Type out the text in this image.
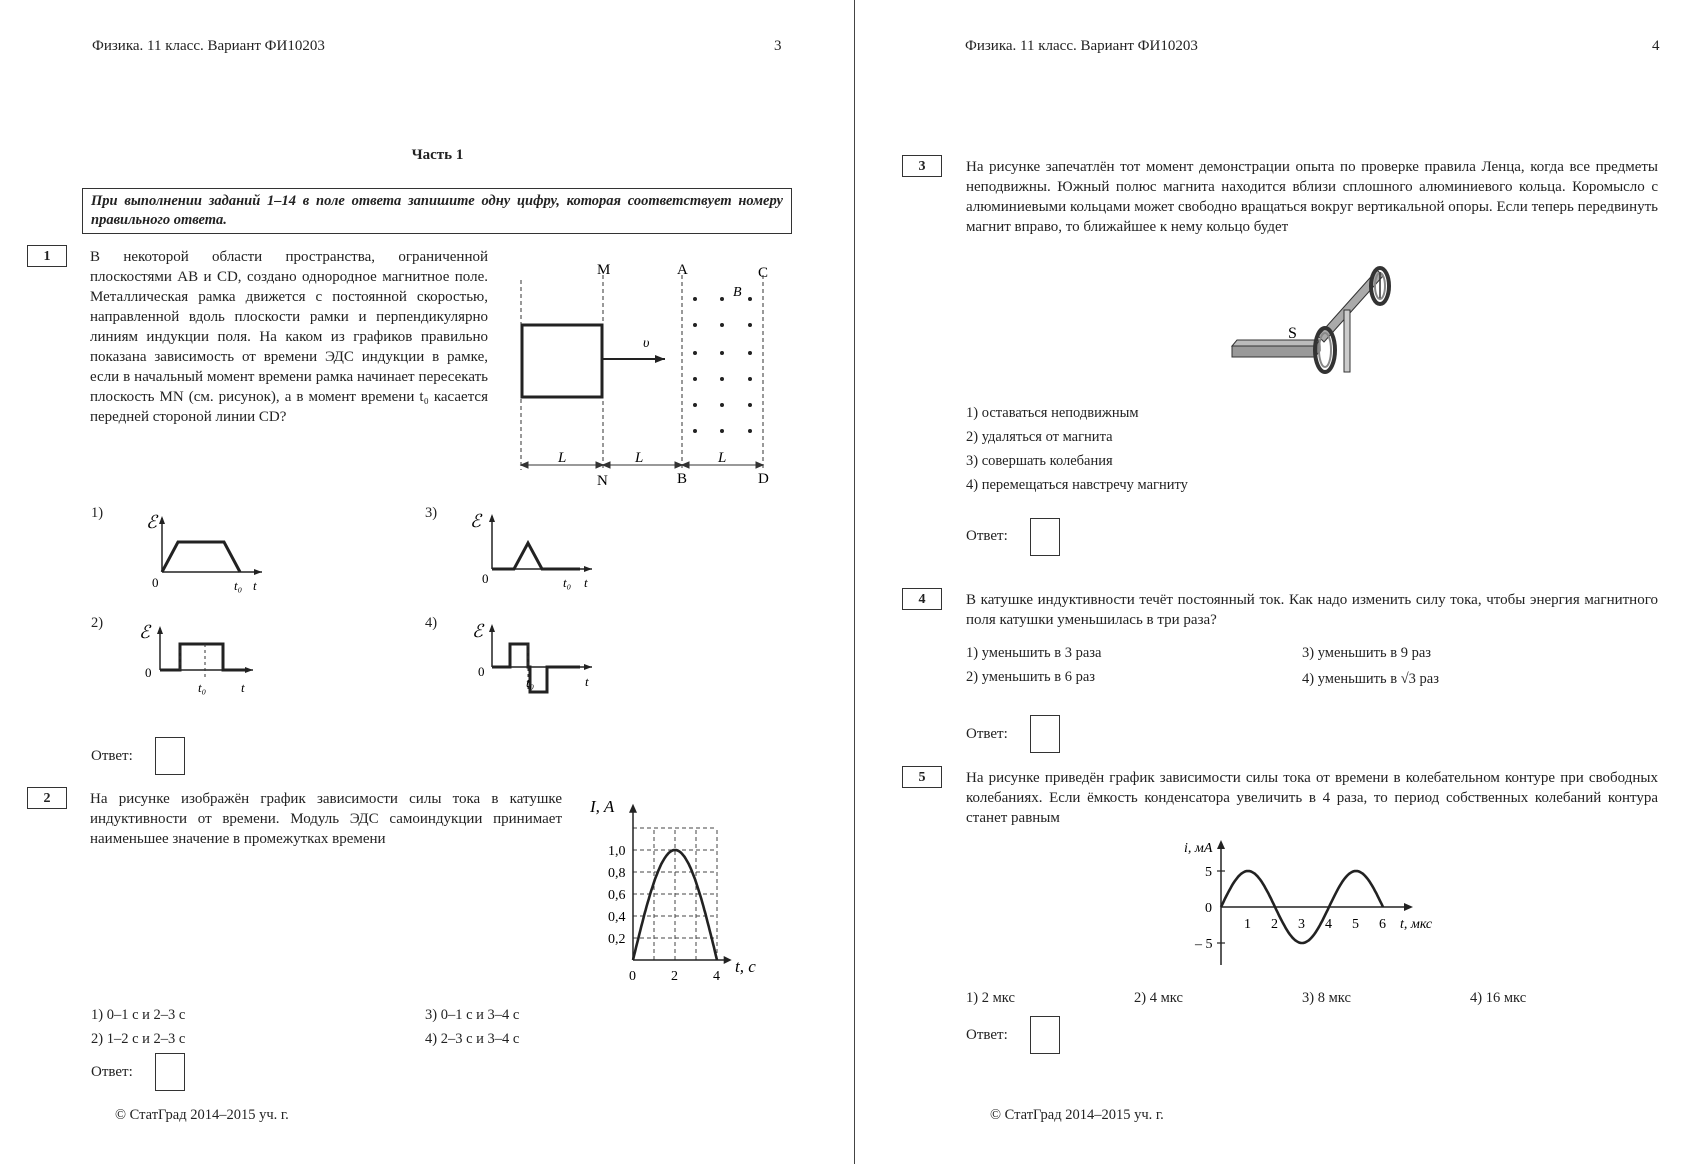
Физика. 11 класс. Вариант ФИ10203	3
Часть 1
При выполнении заданий 1–14 в поле ответа запишите одну цифру, которая соответствует номеру правильного ответа.
1	В некоторой области пространства, ограниченной плоскостями AB и CD, создано однородное магнитное поле. Металлическая рамка движется с постоянной скоростью, направленной вдоль плоскости рамки и перпендикулярно линиям индукции поля. На каком из графиков правильно показана зависимость от времени ЭДС индукции в рамке, если в начальный момент времени рамка начинает пересекать плоскость MN (см. рисунок), а в момент времени t₀ касается передней стороной линии CD?
M	A	C
B
υ
L	L	L
N	B	D
1)
2)
3)
4)
ℰ
0	t₀ t
ℰ
0	t₀ t
ℰ
0
t₀	t
ℰ
0
t₀	t
Ответ:
2	На рисунке изображён график зависимости силы тока в катушке индуктивности от времени. Модуль ЭДС самоиндукции принимает наименьшее значение в промежутках времени
I, A
t, с
0,2
0,4
0,6
0,8
1,0
0	2	4
1) 0–1 с и 2–3 с
2) 1–2 с и 2–3 с
3) 0–1 с и 3–4 с
4) 2–3 с и 3–4 с
Ответ:
© СтатГрад 2014–2015 уч. г.
Физика. 11 класс. Вариант ФИ10203	4
3	На рисунке запечатлён тот момент демонстрации опыта по проверке правила Ленца, когда все предметы неподвижны. Южный полюс магнита находится вблизи сплошного алюминиевого кольца. Коромысло с алюминиевыми кольцами может свободно вращаться вокруг вертикальной опоры. Если теперь передвинуть магнит вправо, то ближайшее к нему кольцо будет
S
1) оставаться неподвижным
2) удаляться от магнита
3) совершать колебания
4) перемещаться навстречу магниту
Ответ:
4	В катушке индуктивности течёт постоянный ток. Как надо изменить силу тока, чтобы энергия магнитного поля катушки уменьшилась в три раза?
1) уменьшить в 3 раза
2) уменьшить в 6 раз
3) уменьшить в 9 раз
4) уменьшить в √3 раз
Ответ:
5	На рисунке приведён график зависимости силы тока от времени в колебательном контуре при свободных колебаниях. Если ёмкость конденсатора увеличить в 4 раза, то период собственных колебаний контура станет равным
i, мА
5
0
– 5
1 2 3 4 5 6 t, мкс
1) 2 мкс	2) 4 мкс	3) 8 мкс	4) 16 мкс
Ответ:
© СтатГрад 2014–2015 уч. г.
